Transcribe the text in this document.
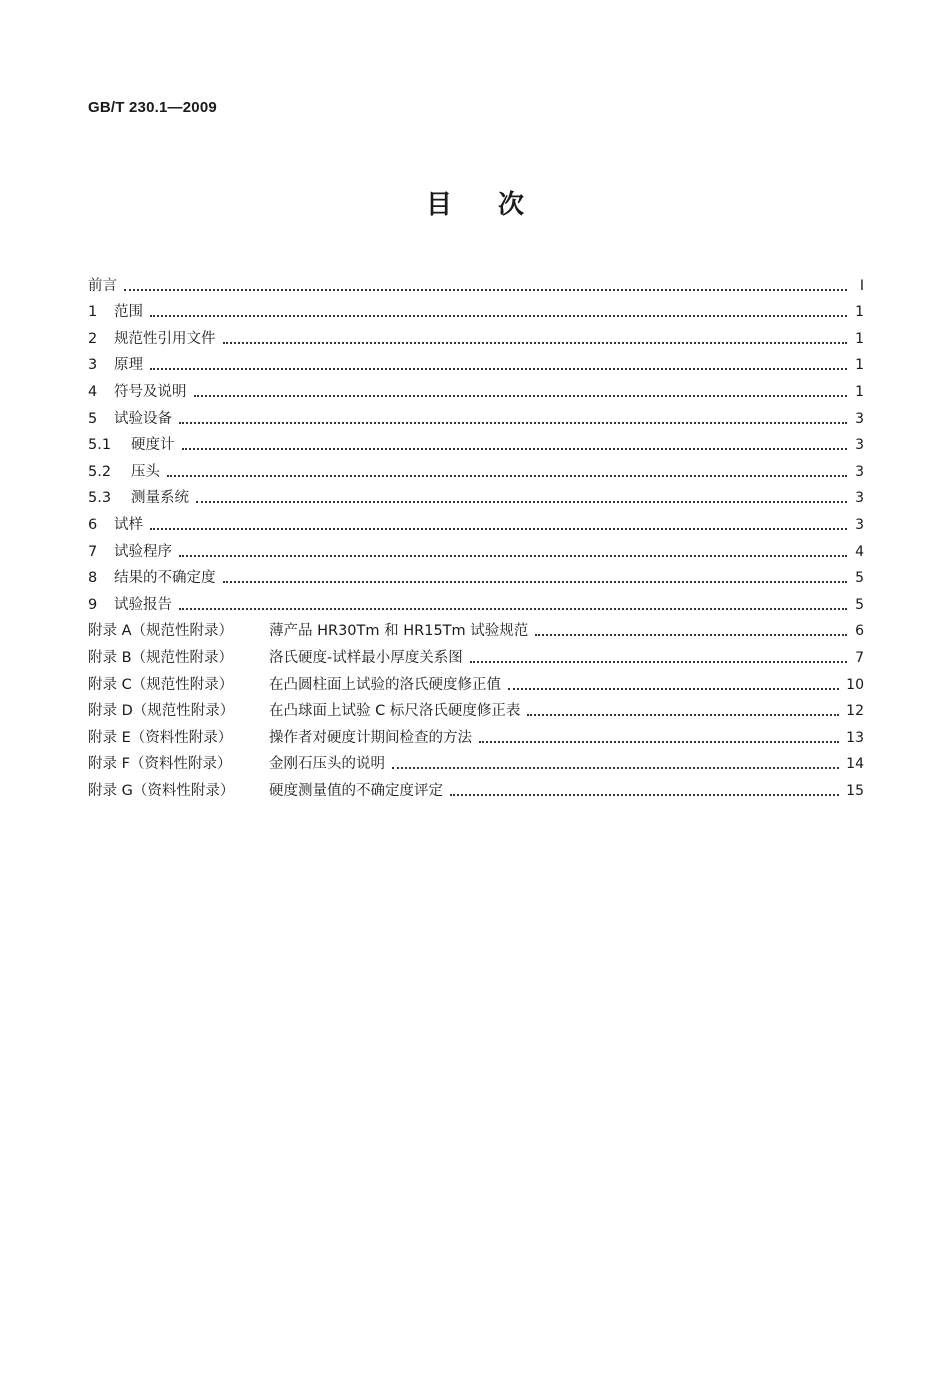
GB/T 230.1—2009
目次
前言	Ⅰ
1 范围	1
2 规范性引用文件	1
3 原理	1
4 符号及说明	1
5 试验设备	3
5.1 硬度计	3
5.2 压头	3
5.3 测量系统	3
6 试样	3
7 试验程序	4
8 结果的不确定度	5
9 试验报告	5
附录 A（规范性附录） 薄产品 HR30Tm 和 HR15Tm 试验规范	6
附录 B（规范性附录） 洛氏硬度-试样最小厚度关系图	7
附录 C（规范性附录） 在凸圆柱面上试验的洛氏硬度修正值	10
附录 D（规范性附录） 在凸球面上试验 C 标尺洛氏硬度修正表	12
附录 E（资料性附录）	操作者对硬度计期间检查的方法	13
附录 F（资料性附录）	金刚石压头的说明	14
附录 G（资料性附录） 硬度测量值的不确定度评定	15
